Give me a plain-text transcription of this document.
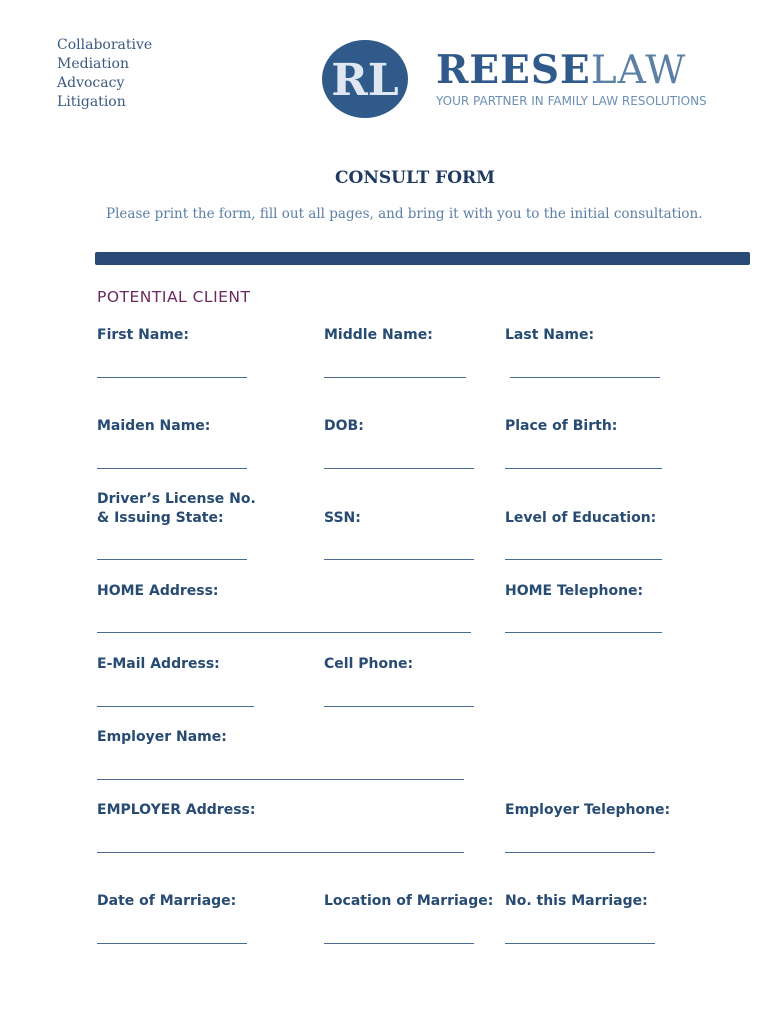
Collaborative
Mediation
Advocacy
Litigation	RL REESELAW
YOUR PARTNER IN FAMILY LAW RESOLUTIONS
CONSULT FORM
Please print the form, fill out all pages, and bring it with you to the initial consultation.
POTENTIAL CLIENT
First Name:	Middle Name:	Last Name:
Maiden Name:	DOB:	Place of Birth:
Driver’s License No.
& Issuing State:	SSN:	Level of Education:
HOME Address:	HOME Telephone:
E-Mail Address:	Cell Phone:
Employer Name:
EMPLOYER Address:	Employer Telephone:
Date of Marriage:	Location of Marriage: No. this Marriage:
